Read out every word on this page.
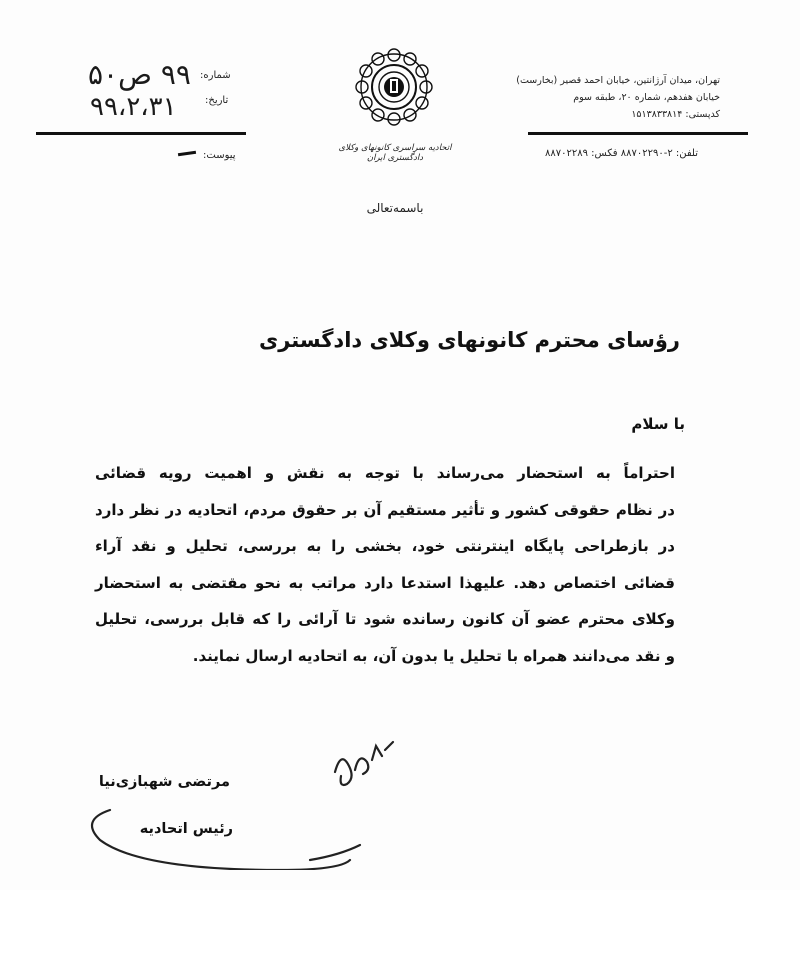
شماره:
تاریخ:
پیوست:
۹۹ ص۵۰
۹۹،۲،۳۱
اتحادیه سراسری کانونهای وکلای دادگستری ایران
تهران، میدان آرژانتین، خیابان احمد قصیر (بخارست)
خیابان هفدهم، شماره ۲۰، طبقه سوم
کدپستی: ۱۵۱۳۸۳۳۸۱۴
تلفن: ۲-۸۸۷۰۲۲۹۰ فکس: ۸۸۷۰۲۲۸۹
باسمه‌تعالی
رؤسای محترم کانونهای وکلای دادگستری
با سلام
احتراماً به استحضار می‌رساند با توجه به نقش و اهمیت رویه قضائی
در نظام حقوقی کشور و تأثیر مستقیم آن بر حقوق مردم، اتحادیه در نظر دارد
در بازطراحی پایگاه اینترنتی خود، بخشی را به بررسی، تحلیل و نقد آراء
قضائی اختصاص دهد. علیهذا استدعا دارد مراتب به نحو مقتضی به استحضار
وکلای محترم عضو آن کانون رسانده شود تا آرائی را که قابل بررسی، تحلیل
و نقد می‌دانند همراه با تحلیل یا بدون آن، به اتحادیه ارسال نمایند.
مرتضی شهبازی‌نیا
رئیس اتحادیه
